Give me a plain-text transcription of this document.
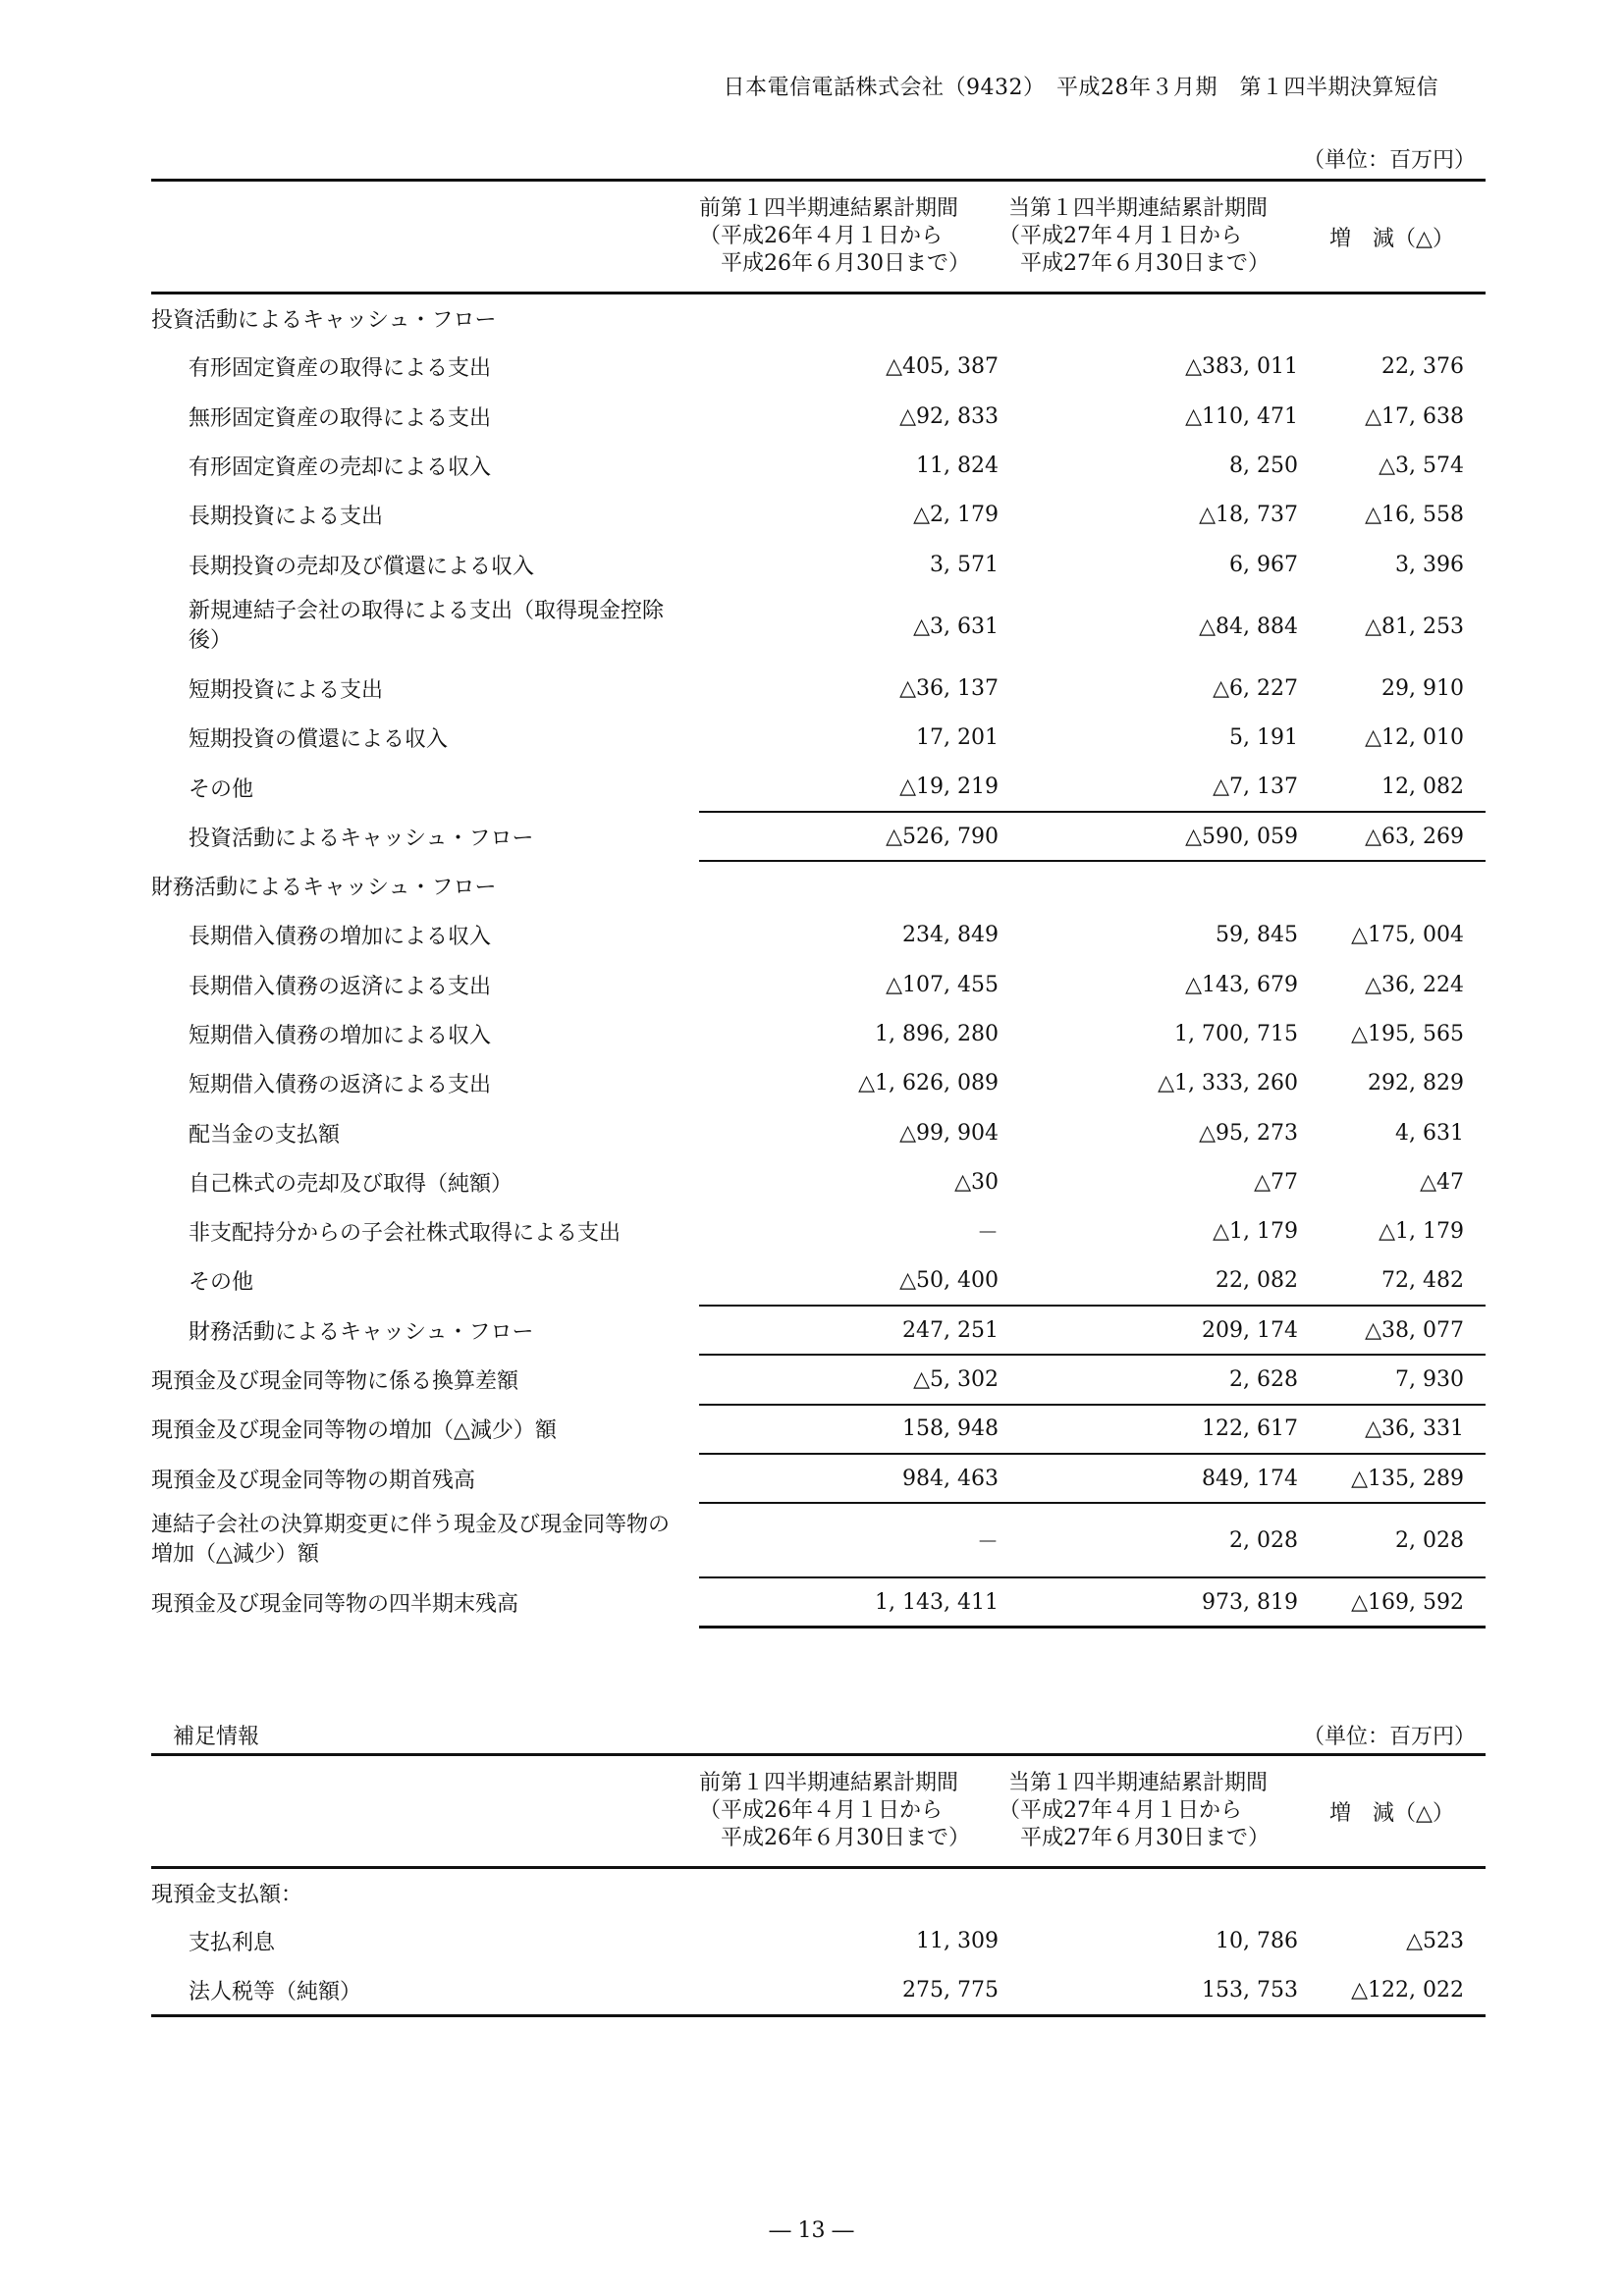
日本電信電話株式会社（9432）　平成28年３月期　第１四半期決算短信
（単位：百万円）

	前第１四半期連結累計期間
（平成26年４月１日から
平成26年６月30日まで）	当第１四半期連結累計期間
（平成27年４月１日から
平成27年６月30日まで）	増　減（△）
投資活動によるキャッシュ・フロー			
有形固定資産の取得による支出	△405, 387	△383, 011	22, 376
無形固定資産の取得による支出	△92, 833	△110, 471	△17, 638
有形固定資産の売却による収入	11, 824	8, 250	△3, 574
長期投資による支出	△2, 179	△18, 737	△16, 558
長期投資の売却及び償還による収入	3, 571	6, 967	3, 396
新規連結子会社の取得による支出（取得現金控除後）	△3, 631	△84, 884	△81, 253
短期投資による支出	△36, 137	△6, 227	29, 910
短期投資の償還による収入	17, 201	5, 191	△12, 010
その他	△19, 219	△7, 137	12, 082
投資活動によるキャッシュ・フロー	△526, 790	△590, 059	△63, 269
財務活動によるキャッシュ・フロー			
長期借入債務の増加による収入	234, 849	59, 845	△175, 004
長期借入債務の返済による支出	△107, 455	△143, 679	△36, 224
短期借入債務の増加による収入	1, 896, 280	1, 700, 715	△195, 565
短期借入債務の返済による支出	△1, 626, 089	△1, 333, 260	292, 829
配当金の支払額	△99, 904	△95, 273	4, 631
自己株式の売却及び取得（純額）	△30	△77	△47
非支配持分からの子会社株式取得による支出	－	△1, 179	△1, 179
その他	△50, 400	22, 082	72, 482
財務活動によるキャッシュ・フロー	247, 251	209, 174	△38, 077
現預金及び現金同等物に係る換算差額	△5, 302	2, 628	7, 930
現預金及び現金同等物の増加（△減少）額	158, 948	122, 617	△36, 331
現預金及び現金同等物の期首残高	984, 463	849, 174	△135, 289
連結子会社の決算期変更に伴う現金及び現金同等物の増加（△減少）額	－	2, 028	2, 028
現預金及び現金同等物の四半期末残高	1, 143, 411	973, 819	△169, 592
補足情報	（単位：百万円）

	前第１四半期連結累計期間
（平成26年４月１日から
平成26年６月30日まで）	当第１四半期連結累計期間
（平成27年４月１日から
平成27年６月30日まで）	増　減（△）
現預金支払額：			
支払利息	11, 309	10, 786	△523
法人税等（純額）	275, 775	153, 753	△122, 022
― 13 ―
